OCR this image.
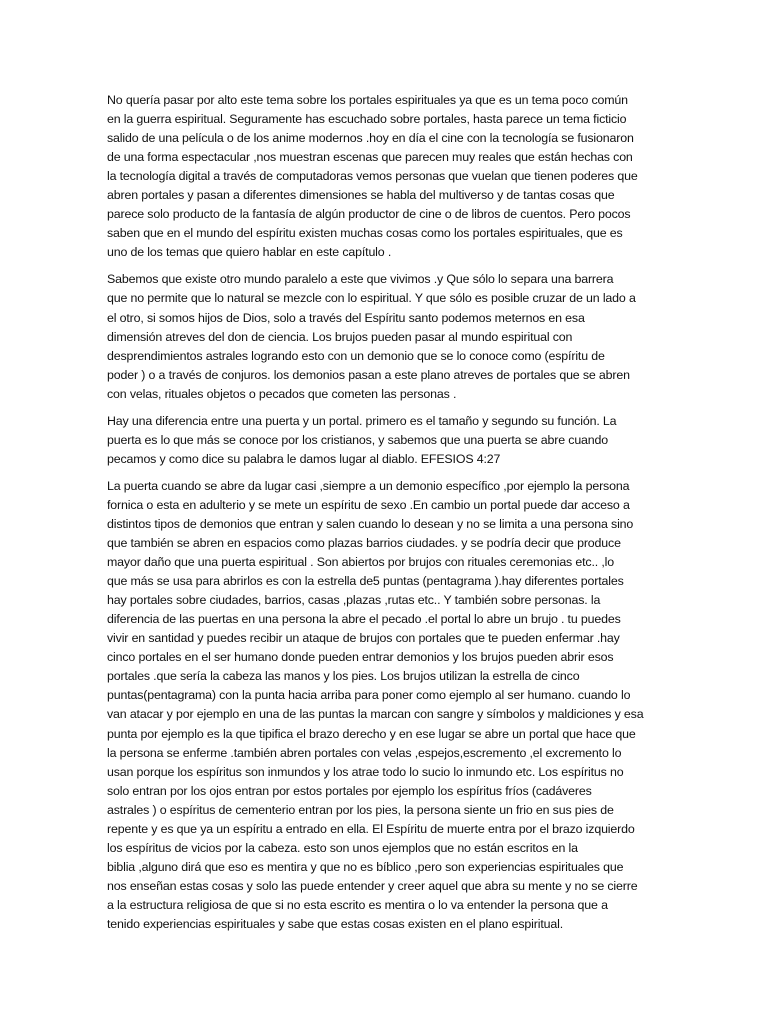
No quería pasar por alto este tema sobre los portales espirituales ya que es un tema poco común
en la guerra espiritual. Seguramente has escuchado sobre portales, hasta parece un tema ficticio
salido de una película o de los anime modernos .hoy en día el cine con la tecnología se fusionaron
de una forma espectacular ,nos muestran escenas que parecen muy reales que están hechas con
la tecnología digital a través de computadoras vemos personas que vuelan que tienen poderes que
abren portales y pasan a diferentes dimensiones se habla del multiverso y de tantas cosas que
parece solo producto de la fantasía de algún productor de cine o de libros de cuentos. Pero pocos
saben que en el mundo del espíritu existen muchas cosas como los portales espirituales, que es
uno de los temas que quiero hablar en este capítulo .

Sabemos que existe otro mundo paralelo a este que vivimos .y Que sólo lo separa una barrera
que no permite que lo natural se mezcle con lo espiritual. Y que sólo es posible cruzar de un lado a
el otro, si somos hijos de Dios, solo a través del Espíritu santo podemos meternos en esa
dimensión atreves del don de ciencia. Los brujos pueden pasar al mundo espiritual con
desprendimientos astrales logrando esto con un demonio que se lo conoce como (espíritu de
poder ) o a través de conjuros. los demonios pasan a este plano atreves de portales que se abren
con velas, rituales objetos o pecados que cometen las personas .

Hay una diferencia entre una puerta y un portal. primero es el tamaño y segundo su función. La
puerta es lo que más se conoce por los cristianos, y sabemos que una puerta se abre cuando
pecamos y como dice su palabra le damos lugar al diablo. EFESIOS 4:27

La puerta cuando se abre da lugar casi ,siempre a un demonio específico ,por ejemplo la persona
fornica o esta en adulterio y se mete un espíritu de sexo .En cambio un portal puede dar acceso a
distintos tipos de demonios que entran y salen cuando lo desean y no se limita a una persona sino
que también se abren en espacios como plazas barrios ciudades. y se podría decir que produce
mayor daño que una puerta espiritual . Son abiertos por brujos con rituales ceremonias etc.. ,lo
que más se usa para abrirlos es con la estrella de5 puntas (pentagrama ).hay diferentes portales
hay portales sobre ciudades, barrios, casas ,plazas ,rutas etc.. Y también sobre personas. la
diferencia de las puertas en una persona la abre el pecado .el portal lo abre un brujo . tu puedes
vivir en santidad y puedes recibir un ataque de brujos con portales que te pueden enfermar .hay
cinco portales en el ser humano donde pueden entrar demonios y los brujos pueden abrir esos
portales .que sería la cabeza las manos y los pies. Los brujos utilizan la estrella de cinco
puntas(pentagrama) con la punta hacia arriba para poner como ejemplo al ser humano. cuando lo
van atacar y por ejemplo en una de las puntas la marcan con sangre y símbolos y maldiciones y esa
punta por ejemplo es la que tipifica el brazo derecho y en ese lugar se abre un portal que hace que
la persona se enferme .también abren portales con velas ,espejos,escremento ,el excremento lo
usan porque los espíritus son inmundos y los atrae todo lo sucio lo inmundo etc. Los espíritus no
solo entran por los ojos entran por estos portales por ejemplo los espíritus fríos (cadáveres
astrales ) o espíritus de cementerio entran por los pies, la persona siente un frio en sus pies de
repente y es que ya un espíritu a entrado en ella. El Espíritu de muerte entra por el brazo izquierdo
los espíritus de vicios por la cabeza. esto son unos ejemplos que no están escritos en la
biblia ,alguno dirá que eso es mentira y que no es bíblico ,pero son experiencias espirituales que
nos enseñan estas cosas y solo las puede entender y creer aquel que abra su mente y no se cierre
a la estructura religiosa de que si no esta escrito es mentira o lo va entender la persona que a
tenido experiencias espirituales y sabe que estas cosas existen en el plano espiritual.
